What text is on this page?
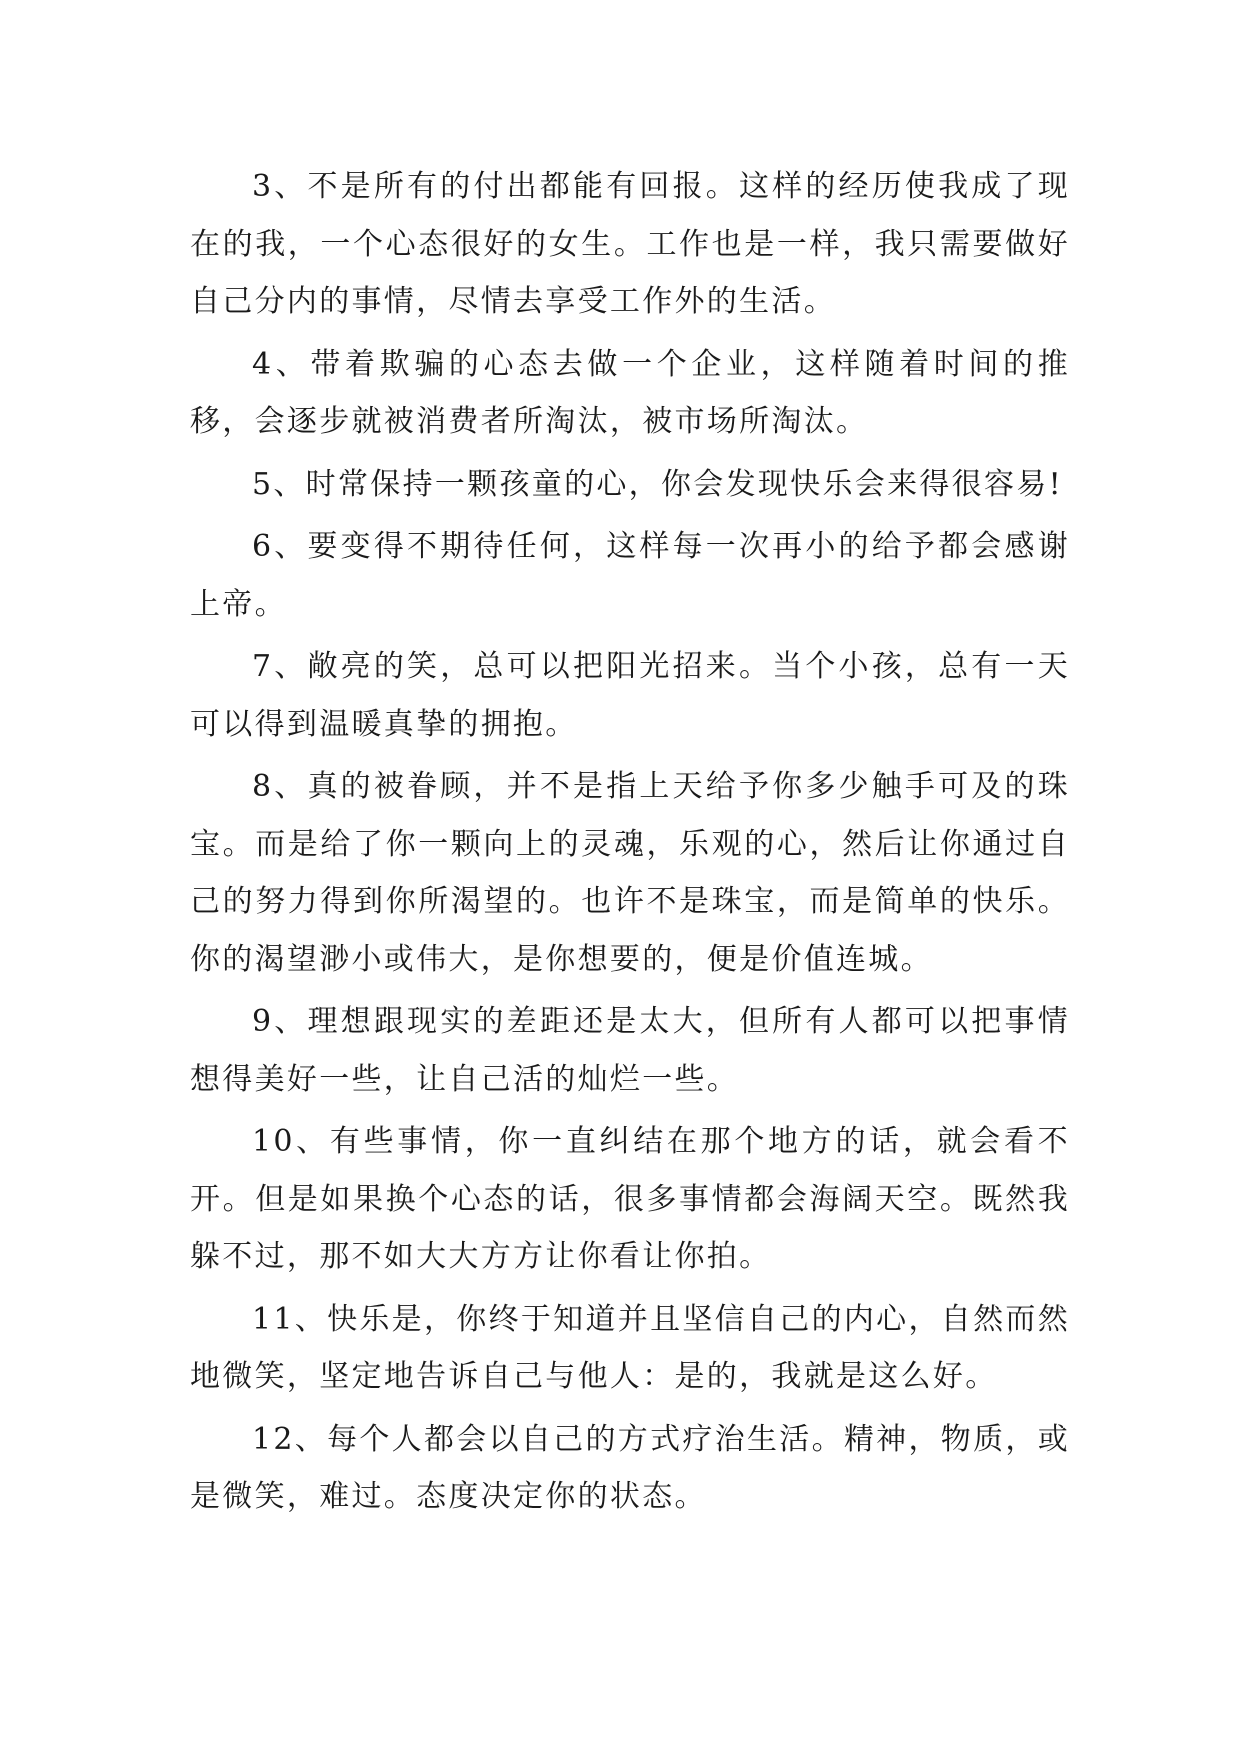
3、不是所有的付出都能有回报。这样的经历使我成了现在的我，一个心态很好的女生。工作也是一样，我只需要做好自己分内的事情，尽情去享受工作外的生活。

4、带着欺骗的心态去做一个企业，这样随着时间的推移，会逐步就被消费者所淘汰，被市场所淘汰。

5、时常保持一颗孩童的心，你会发现快乐会来得很容易!

6、要变得不期待任何，这样每一次再小的给予都会感谢上帝。

7、敞亮的笑，总可以把阳光招来。当个小孩，总有一天可以得到温暖真挚的拥抱。

8、真的被眷顾，并不是指上天给予你多少触手可及的珠宝。而是给了你一颗向上的灵魂，乐观的心，然后让你通过自己的努力得到你所渴望的。也许不是珠宝，而是简单的快乐。你的渴望渺小或伟大，是你想要的，便是价值连城。

9、理想跟现实的差距还是太大，但所有人都可以把事情想得美好一些，让自己活的灿烂一些。

10、有些事情，你一直纠结在那个地方的话，就会看不开。但是如果换个心态的话，很多事情都会海阔天空。既然我躲不过，那不如大大方方让你看让你拍。

11、快乐是，你终于知道并且坚信自己的内心，自然而然地微笑，坚定地告诉自己与他人：是的，我就是这么好。

12、每个人都会以自己的方式疗治生活。精神，物质，或是微笑，难过。态度决定你的状态。
